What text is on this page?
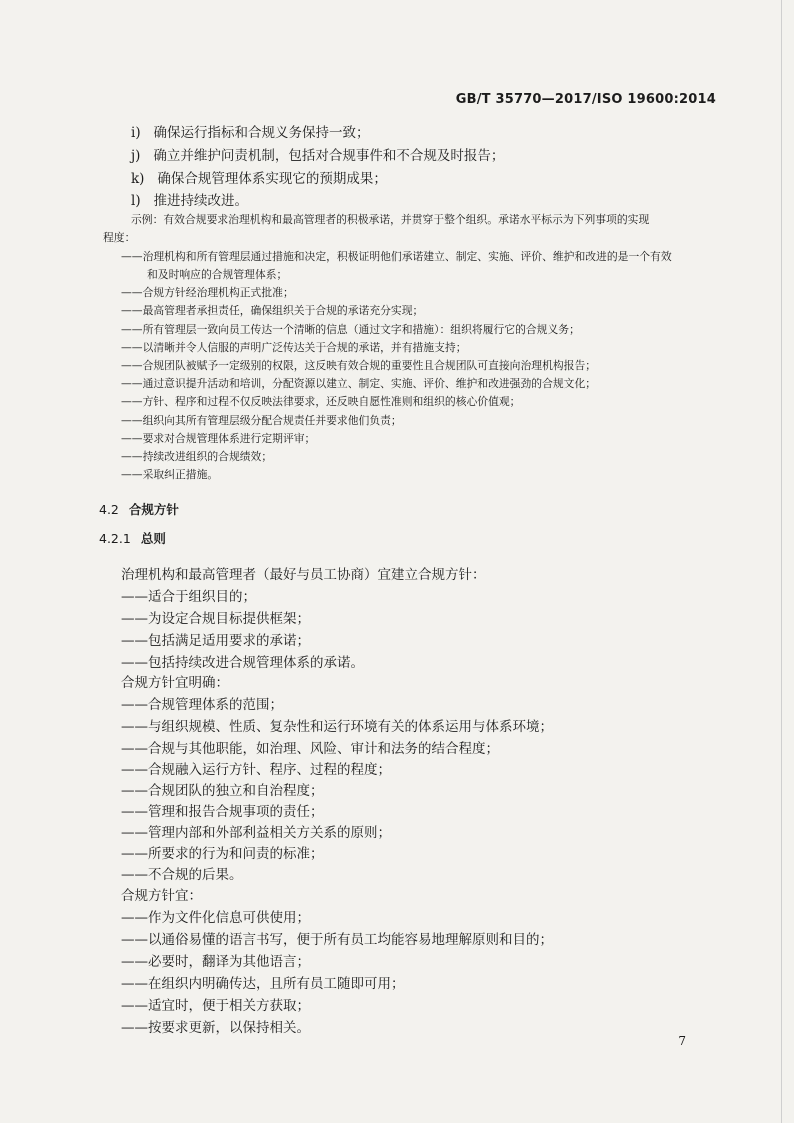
GB/T 35770—2017/ISO 19600:2014
i) 确保运行指标和合规义务保持一致；
j) 确立并维护问责机制，包括对合规事件和不合规及时报告；
k) 确保合规管理体系实现它的预期成果；
l) 推进持续改进。
示例：有效合规要求治理机构和最高管理者的积极承诺，并贯穿于整个组织。承诺水平标示为下列事项的实现
程度：
——治理机构和所有管理层通过措施和决定，积极证明他们承诺建立、制定、实施、评价、维护和改进的是一个有效
和及时响应的合规管理体系；
——合规方针经治理机构正式批准；
——最高管理者承担责任，确保组织关于合规的承诺充分实现；
——所有管理层一致向员工传达一个清晰的信息（通过文字和措施）：组织将履行它的合规义务；
——以清晰并令人信服的声明广泛传达关于合规的承诺，并有措施支持；
——合规团队被赋予一定级别的权限，这反映有效合规的重要性且合规团队可直接向治理机构报告；
——通过意识提升活动和培训，分配资源以建立、制定、实施、评价、维护和改进强劲的合规文化；
——方针、程序和过程不仅反映法律要求，还反映自愿性准则和组织的核心价值观；
——组织向其所有管理层级分配合规责任并要求他们负责；
——要求对合规管理体系进行定期评审；
——持续改进组织的合规绩效；
——采取纠正措施。
4.2 合规方针
4.2.1 总则
治理机构和最高管理者（最好与员工协商）宜建立合规方针：
——适合于组织目的；
——为设定合规目标提供框架；
——包括满足适用要求的承诺；
——包括持续改进合规管理体系的承诺。
合规方针宜明确：
——合规管理体系的范围；
——与组织规模、性质、复杂性和运行环境有关的体系运用与体系环境；
——合规与其他职能，如治理、风险、审计和法务的结合程度；
——合规融入运行方针、程序、过程的程度；
——合规团队的独立和自治程度；
——管理和报告合规事项的责任；
——管理内部和外部利益相关方关系的原则；
——所要求的行为和问责的标准；
——不合规的后果。
合规方针宜：
——作为文件化信息可供使用；
——以通俗易懂的语言书写，便于所有员工均能容易地理解原则和目的；
——必要时，翻译为其他语言；
——在组织内明确传达，且所有员工随即可用；
——适宜时，便于相关方获取；
——按要求更新，以保持相关。
7
